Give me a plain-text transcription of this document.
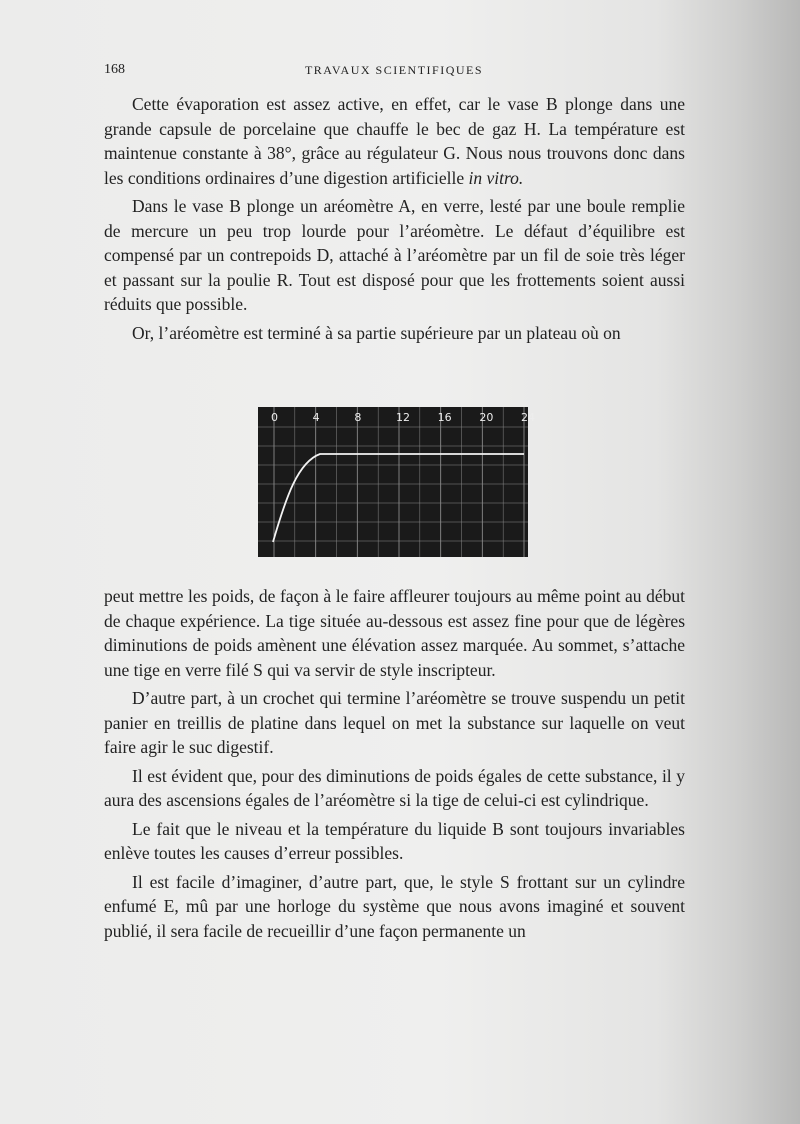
168	TRAVAUX SCIENTIFIQUES

Cette évaporation est assez active, en effet, car le vase B plonge dans une grande capsule de porcelaine que chauffe le bec de gaz H. La température est maintenue constante à 38°, grâce au régulateur G. Nous nous trouvons donc dans les conditions ordinaires d’une digestion artificielle in vitro.

Dans le vase B plonge un aréomètre A, en verre, lesté par une boule remplie de mercure un peu trop lourde pour l’aréomètre. Le défaut d’équilibre est compensé par un contrepoids D, attaché à l’aréomètre par un fil de soie très léger et passant sur la poulie R. Tout est disposé pour que les frottements soient aussi réduits que possible.

Or, l’aréomètre est terminé à sa partie supérieure par un plateau où on

0	4	8	12	16	20	24

peut mettre les poids, de façon à le faire affleurer toujours au même point au début de chaque expérience. La tige située au-dessous est assez fine pour que de légères diminutions de poids amènent une élévation assez marquée. Au sommet, s’attache une tige en verre filé S qui va servir de style inscripteur.

D’autre part, à un crochet qui termine l’aréomètre se trouve suspendu un petit panier en treillis de platine dans lequel on met la substance sur laquelle on veut faire agir le suc digestif.

Il est évident que, pour des diminutions de poids égales de cette substance, il y aura des ascensions égales de l’aréomètre si la tige de celui-ci est cylindrique.

Le fait que le niveau et la température du liquide B sont toujours invariables enlève toutes les causes d’erreur possibles.

Il est facile d’imaginer, d’autre part, que, le style S frottant sur un cylindre enfumé E, mû par une horloge du système que nous avons imaginé et souvent publié, il sera facile de recueillir d’une façon permanente un
